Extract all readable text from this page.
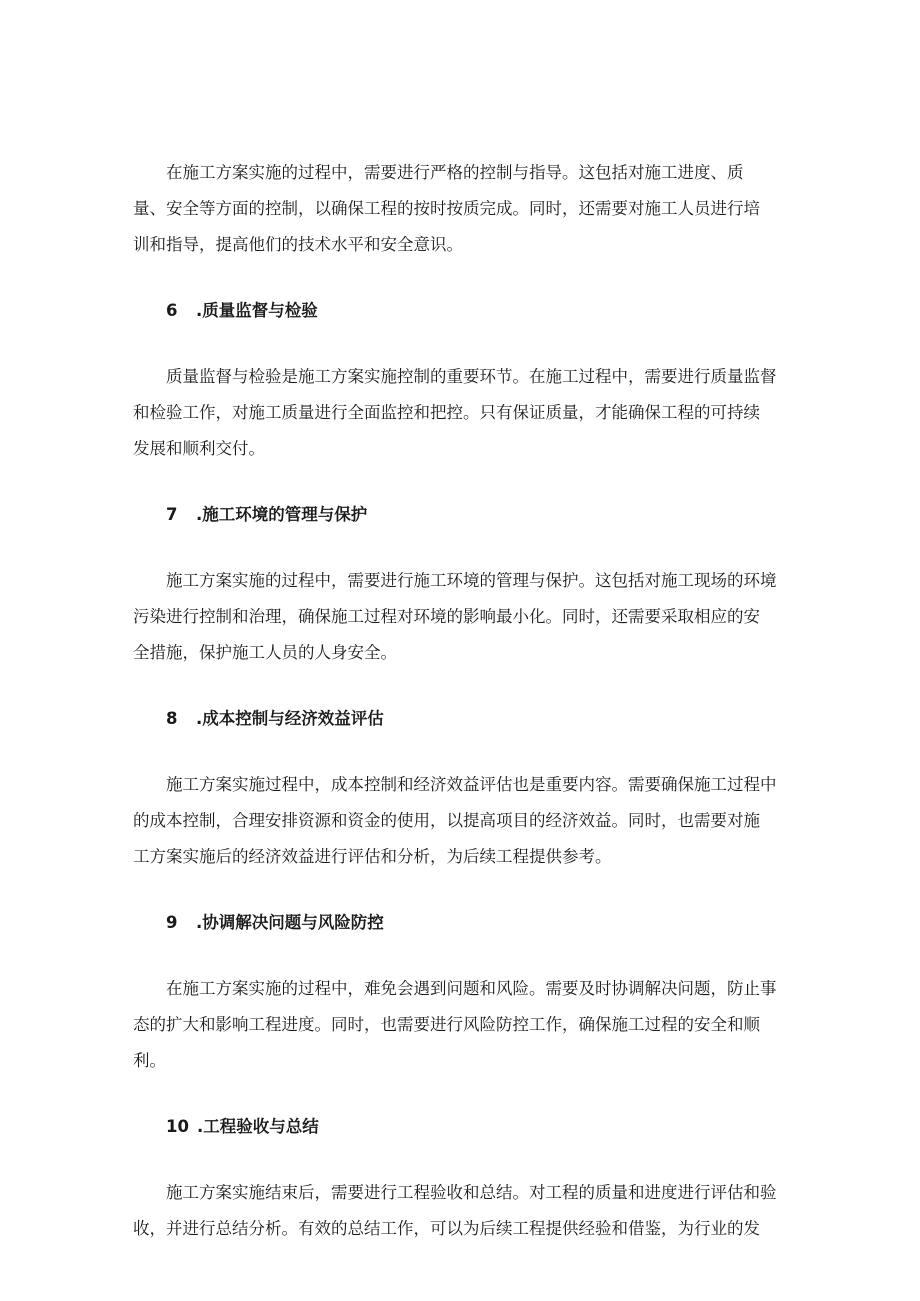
在施工方案实施的过程中，需要进行严格的控制与指导。这包括对施工进度、质
量、安全等方面的控制，以确保工程的按时按质完成。同时，还需要对施工人员进行培
训和指导，提高他们的技术水平和安全意识。

6 .质量监督与检验

质量监督与检验是施工方案实施控制的重要环节。在施工过程中，需要进行质量监督
和检验工作，对施工质量进行全面监控和把控。只有保证质量，才能确保工程的可持续
发展和顺利交付。

7 .施工环境的管理与保护

施工方案实施的过程中，需要进行施工环境的管理与保护。这包括对施工现场的环境
污染进行控制和治理，确保施工过程对环境的影响最小化。同时，还需要采取相应的安
全措施，保护施工人员的人身安全。

8 .成本控制与经济效益评估

施工方案实施过程中，成本控制和经济效益评估也是重要内容。需要确保施工过程中
的成本控制，合理安排资源和资金的使用，以提高项目的经济效益。同时，也需要对施
工方案实施后的经济效益进行评估和分析，为后续工程提供参考。

9 .协调解决问题与风险防控

在施工方案实施的过程中，难免会遇到问题和风险。需要及时协调解决问题，防止事
态的扩大和影响工程进度。同时，也需要进行风险防控工作，确保施工过程的安全和顺
利。

10 .工程验收与总结

施工方案实施结束后，需要进行工程验收和总结。对工程的质量和进度进行评估和验
收，并进行总结分析。有效的总结工作，可以为后续工程提供经验和借鉴，为行业的发
